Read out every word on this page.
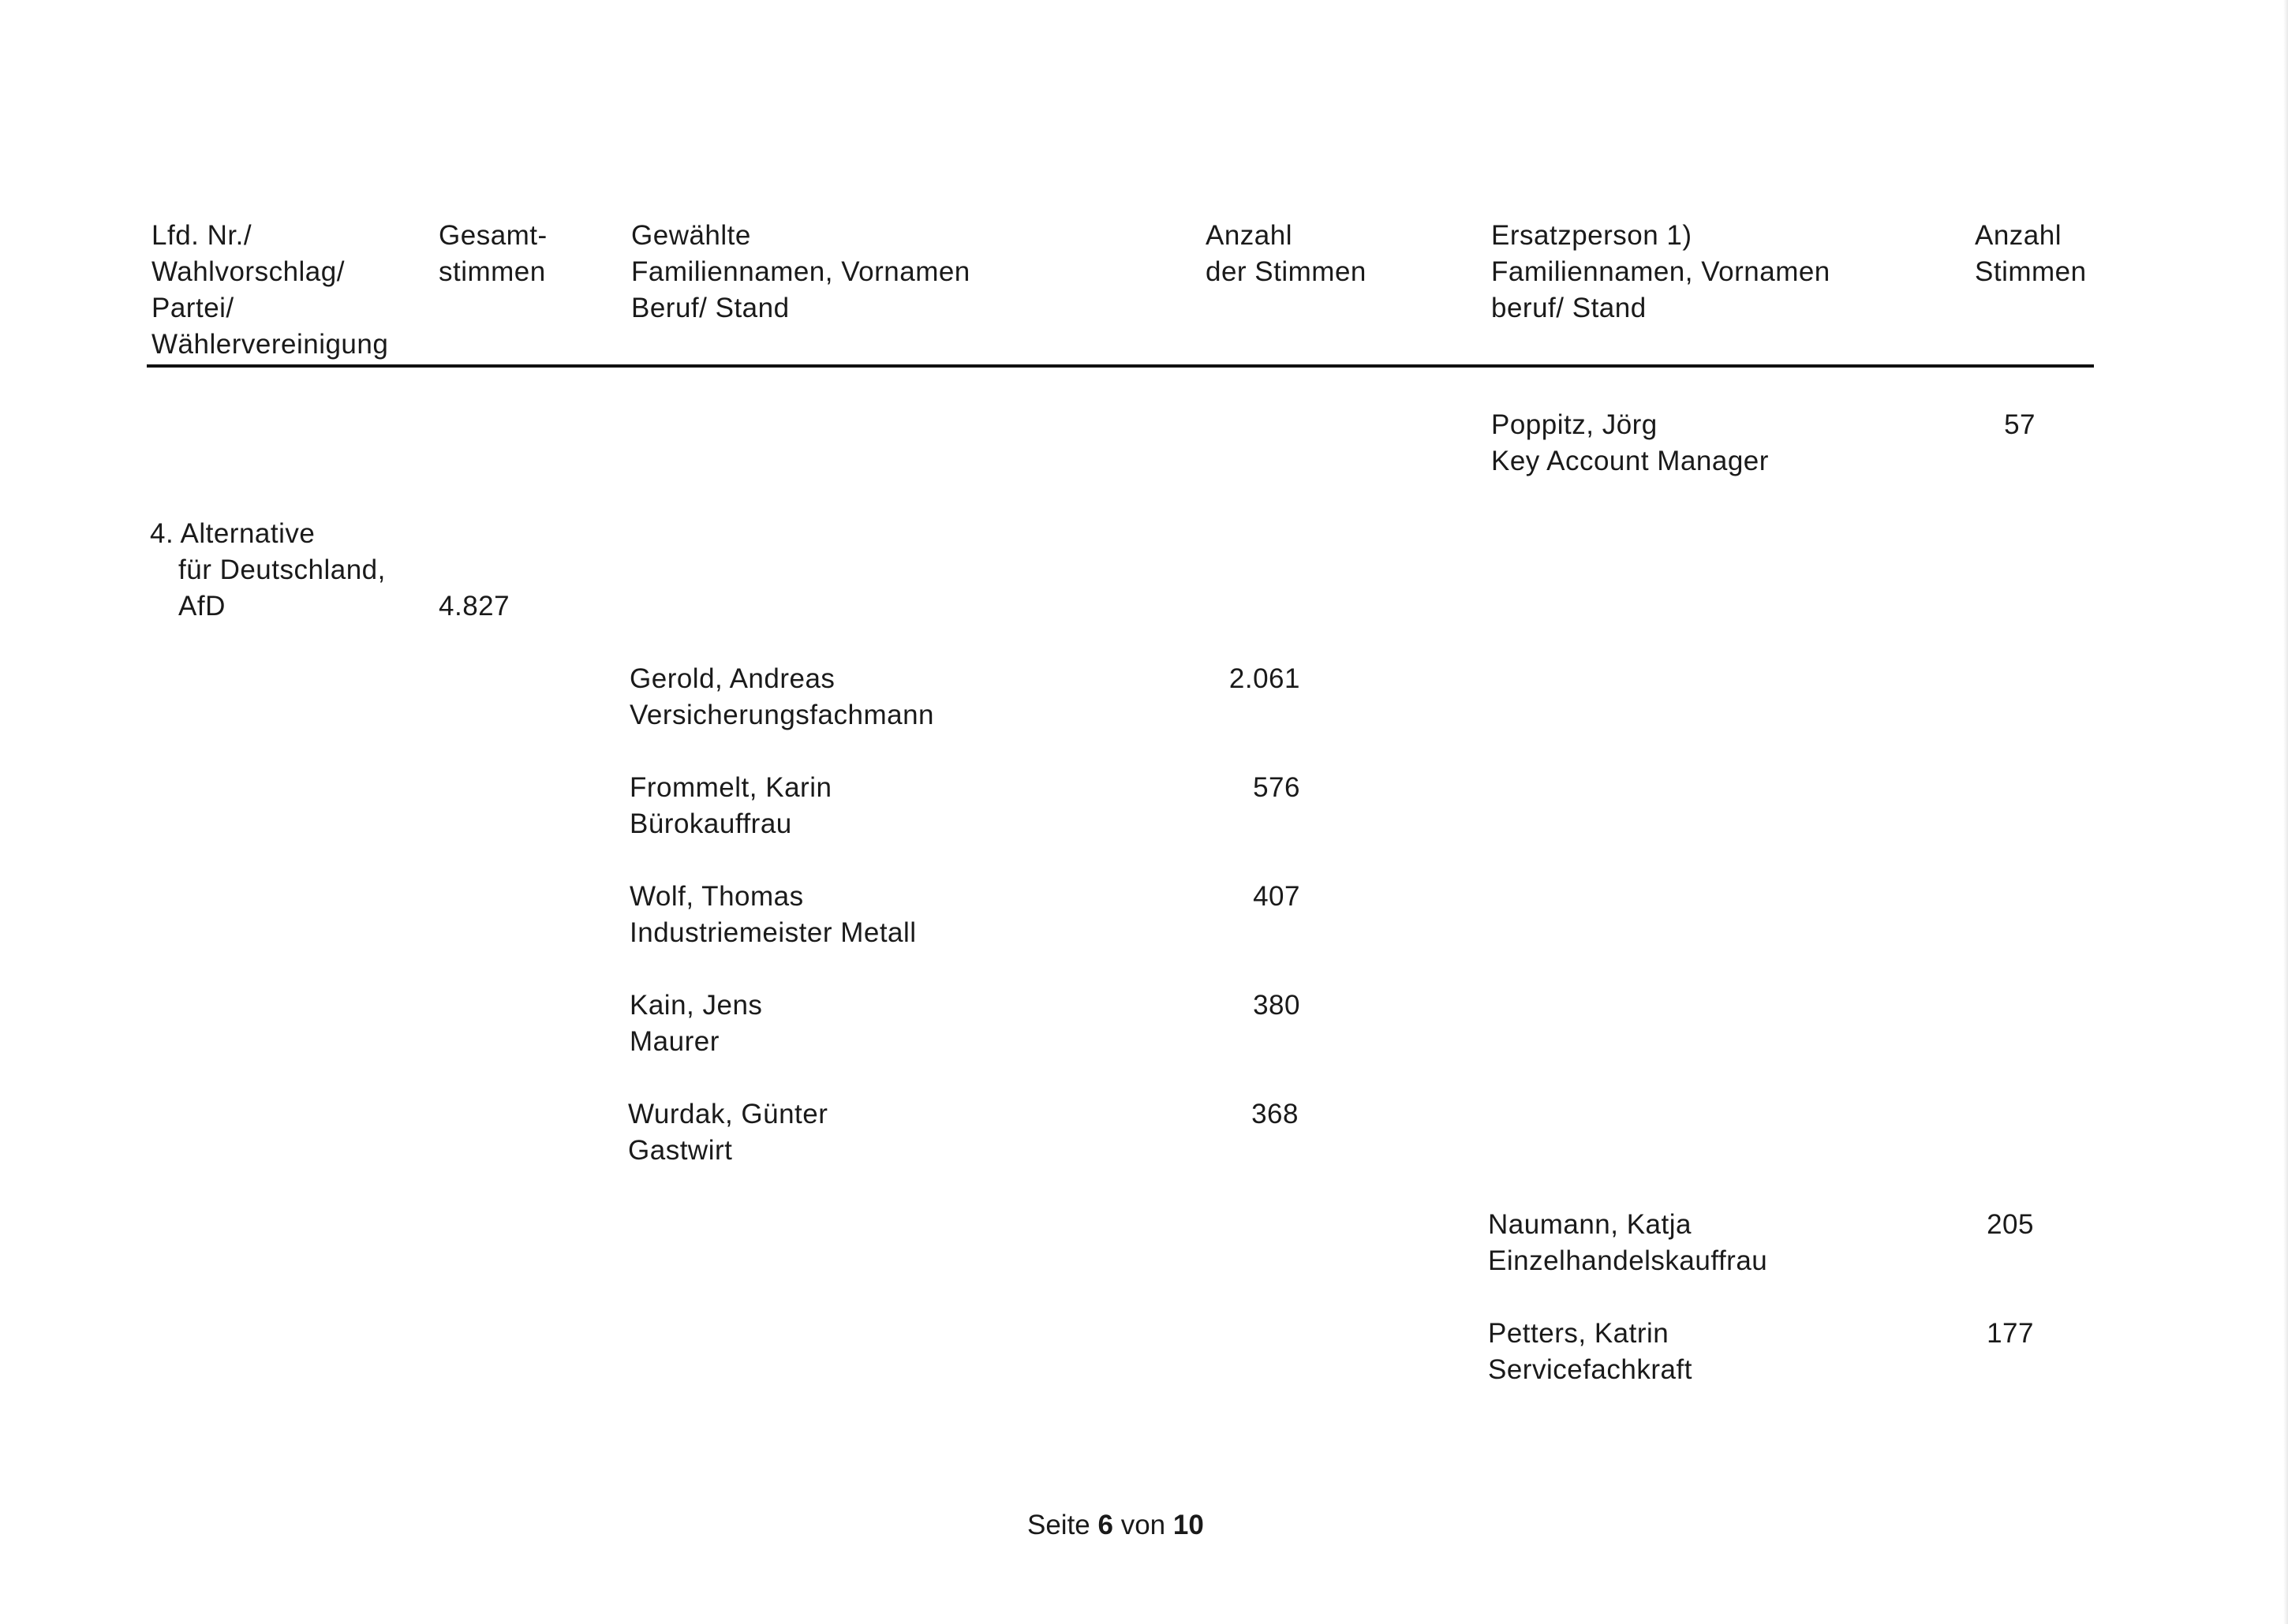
Lfd. Nr./
Wahlvorschlag/
Partei/
Wählervereinigung
Gesamt-
stimmen
Gewählte
Familiennamen, Vornamen
Beruf/ Stand
Anzahl
der Stimmen
Ersatzperson 1)
Familiennamen, Vornamen
beruf/ Stand
Anzahl
Stimmen
Poppitz, Jörg
Key Account Manager
57
4. Alternative
für Deutschland,
AfD	4.827
Gerold, Andreas
Versicherungsfachmann
2.061
Frommelt, Karin
Bürokauffrau
576
Wolf, Thomas
Industriemeister Metall
407
Kain, Jens
Maurer
380
Wurdak, Günter
Gastwirt
368
Naumann, Katja
Einzelhandelskauffrau
205
Petters, Katrin
Servicefachkraft
177
Seite 6 von 10
